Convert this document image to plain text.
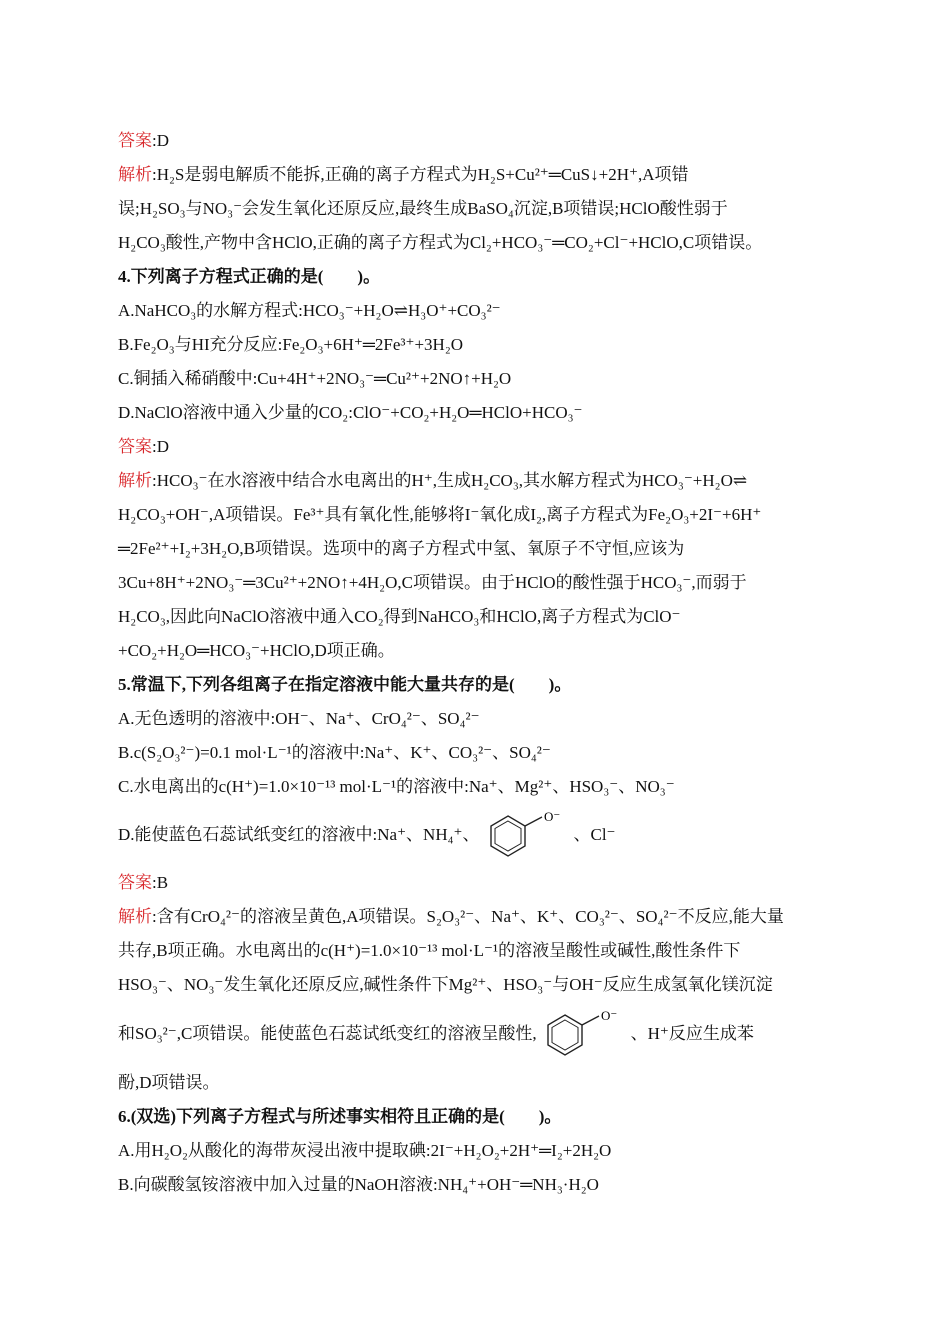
答案:D
解析:H₂S是弱电解质不能拆,正确的离子方程式为H₂S+Cu²⁺═CuS↓+2H⁺,A项错
误;H₂SO₃与NO₃⁻会发生氧化还原反应,最终生成BaSO₄沉淀,B项错误;HClO酸性弱于
H₂CO₃酸性,产物中含HClO,正确的离子方程式为Cl₂+HCO₃⁻═CO₂+Cl⁻+HClO,C项错误。
4.下列离子方程式正确的是(　　)。
A.NaHCO₃的水解方程式:HCO₃⁻+H₂O⇌H₃O⁺+CO₃²⁻
B.Fe₂O₃与HI充分反应:Fe₂O₃+6H⁺═2Fe³⁺+3H₂O
C.铜插入稀硝酸中:Cu+4H⁺+2NO₃⁻═Cu²⁺+2NO↑+H₂O
D.NaClO溶液中通入少量的CO₂:ClO⁻+CO₂+H₂O═HClO+HCO₃⁻
答案:D
解析:HCO₃⁻在水溶液中结合水电离出的H⁺,生成H₂CO₃,其水解方程式为HCO₃⁻+H₂O⇌
H₂CO₃+OH⁻,A项错误。Fe³⁺具有氧化性,能够将I⁻氧化成I₂,离子方程式为Fe₂O₃+2I⁻+6H⁺
═2Fe²⁺+I₂+3H₂O,B项错误。选项中的离子方程式中氢、氧原子不守恒,应该为
3Cu+8H⁺+2NO₃⁻═3Cu²⁺+2NO↑+4H₂O,C项错误。由于HClO的酸性强于HCO₃⁻,而弱于
H₂CO₃,因此向NaClO溶液中通入CO₂得到NaHCO₃和HClO,离子方程式为ClO⁻
+CO₂+H₂O═HCO₃⁻+HClO,D项正确。
5.常温下,下列各组离子在指定溶液中能大量共存的是(　　)。
A.无色透明的溶液中:OH⁻、Na⁺、CrO₄²⁻、SO₄²⁻
B.c(S₂O₃²⁻)=0.1 mol·L⁻¹的溶液中:Na⁺、K⁺、CO₃²⁻、SO₄²⁻
C.水电离出的c(H⁺)=1.0×10⁻¹³ mol·L⁻¹的溶液中:Na⁺、Mg²⁺、HSO₃⁻、NO₃⁻
D.能使蓝色石蕊试纸变红的溶液中:Na⁺、NH₄⁺、
O⁻
、Cl⁻
答案:B
解析:含有CrO₄²⁻的溶液呈黄色,A项错误。S₂O₃²⁻、Na⁺、K⁺、CO₃²⁻、SO₄²⁻不反应,能大量
共存,B项正确。水电离出的c(H⁺)=1.0×10⁻¹³ mol·L⁻¹的溶液呈酸性或碱性,酸性条件下
HSO₃⁻、NO₃⁻发生氧化还原反应,碱性条件下Mg²⁺、HSO₃⁻与OH⁻反应生成氢氧化镁沉淀
和SO₃²⁻,C项错误。能使蓝色石蕊试纸变红的溶液呈酸性,
O⁻
、H⁺反应生成苯
酚,D项错误。
6.(双选)下列离子方程式与所述事实相符且正确的是(　　)。
A.用H₂O₂从酸化的海带灰浸出液中提取碘:2I⁻+H₂O₂+2H⁺═I₂+2H₂O
B.向碳酸氢铵溶液中加入过量的NaOH溶液:NH₄⁺+OH⁻═NH₃·H₂O
